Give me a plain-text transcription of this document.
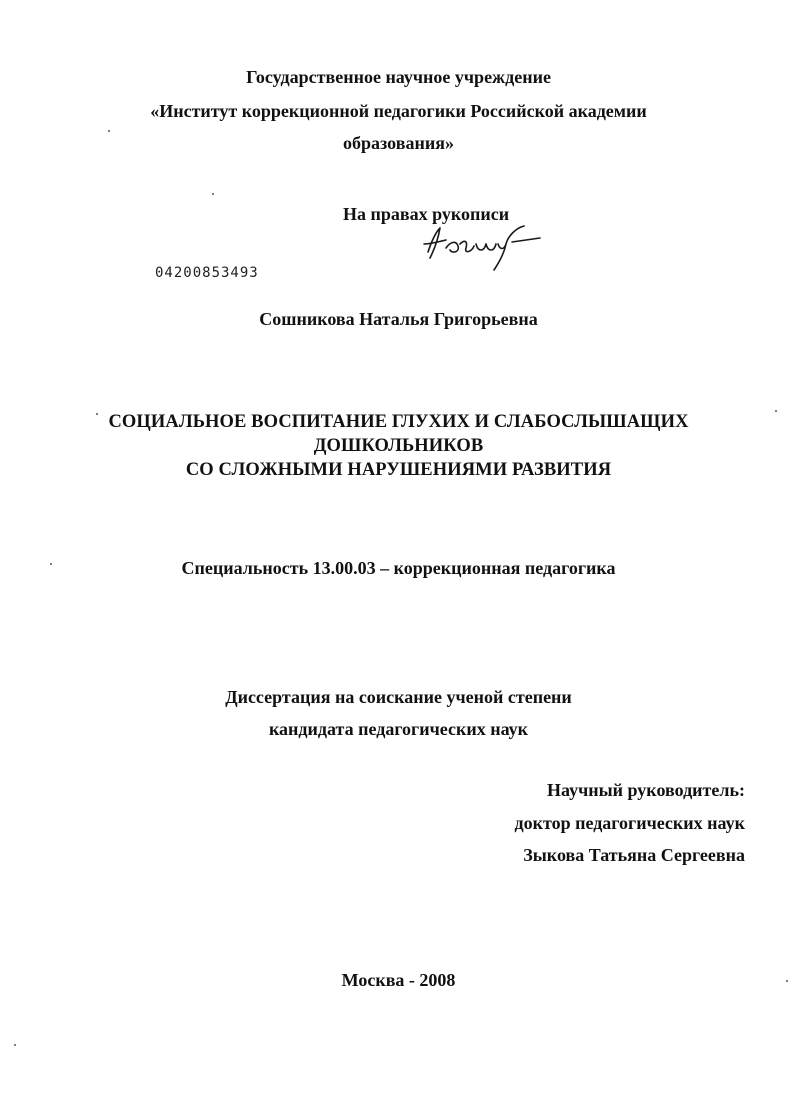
Государственное научное учреждение
«Институт коррекционной педагогики Российской академии
образования»
На правах рукописи
04200853493
Сошникова Наталья Григорьевна
СОЦИАЛЬНОЕ ВОСПИТАНИЕ ГЛУХИХ И СЛАБОСЛЫШАЩИХ
ДОШКОЛЬНИКОВ
СО СЛОЖНЫМИ НАРУШЕНИЯМИ РАЗВИТИЯ
Специальность 13.00.03 – коррекционная педагогика
Диссертация на соискание ученой степени
кандидата педагогических наук
Научный руководитель:
доктор педагогических наук
Зыкова Татьяна Сергеевна
Москва - 2008
